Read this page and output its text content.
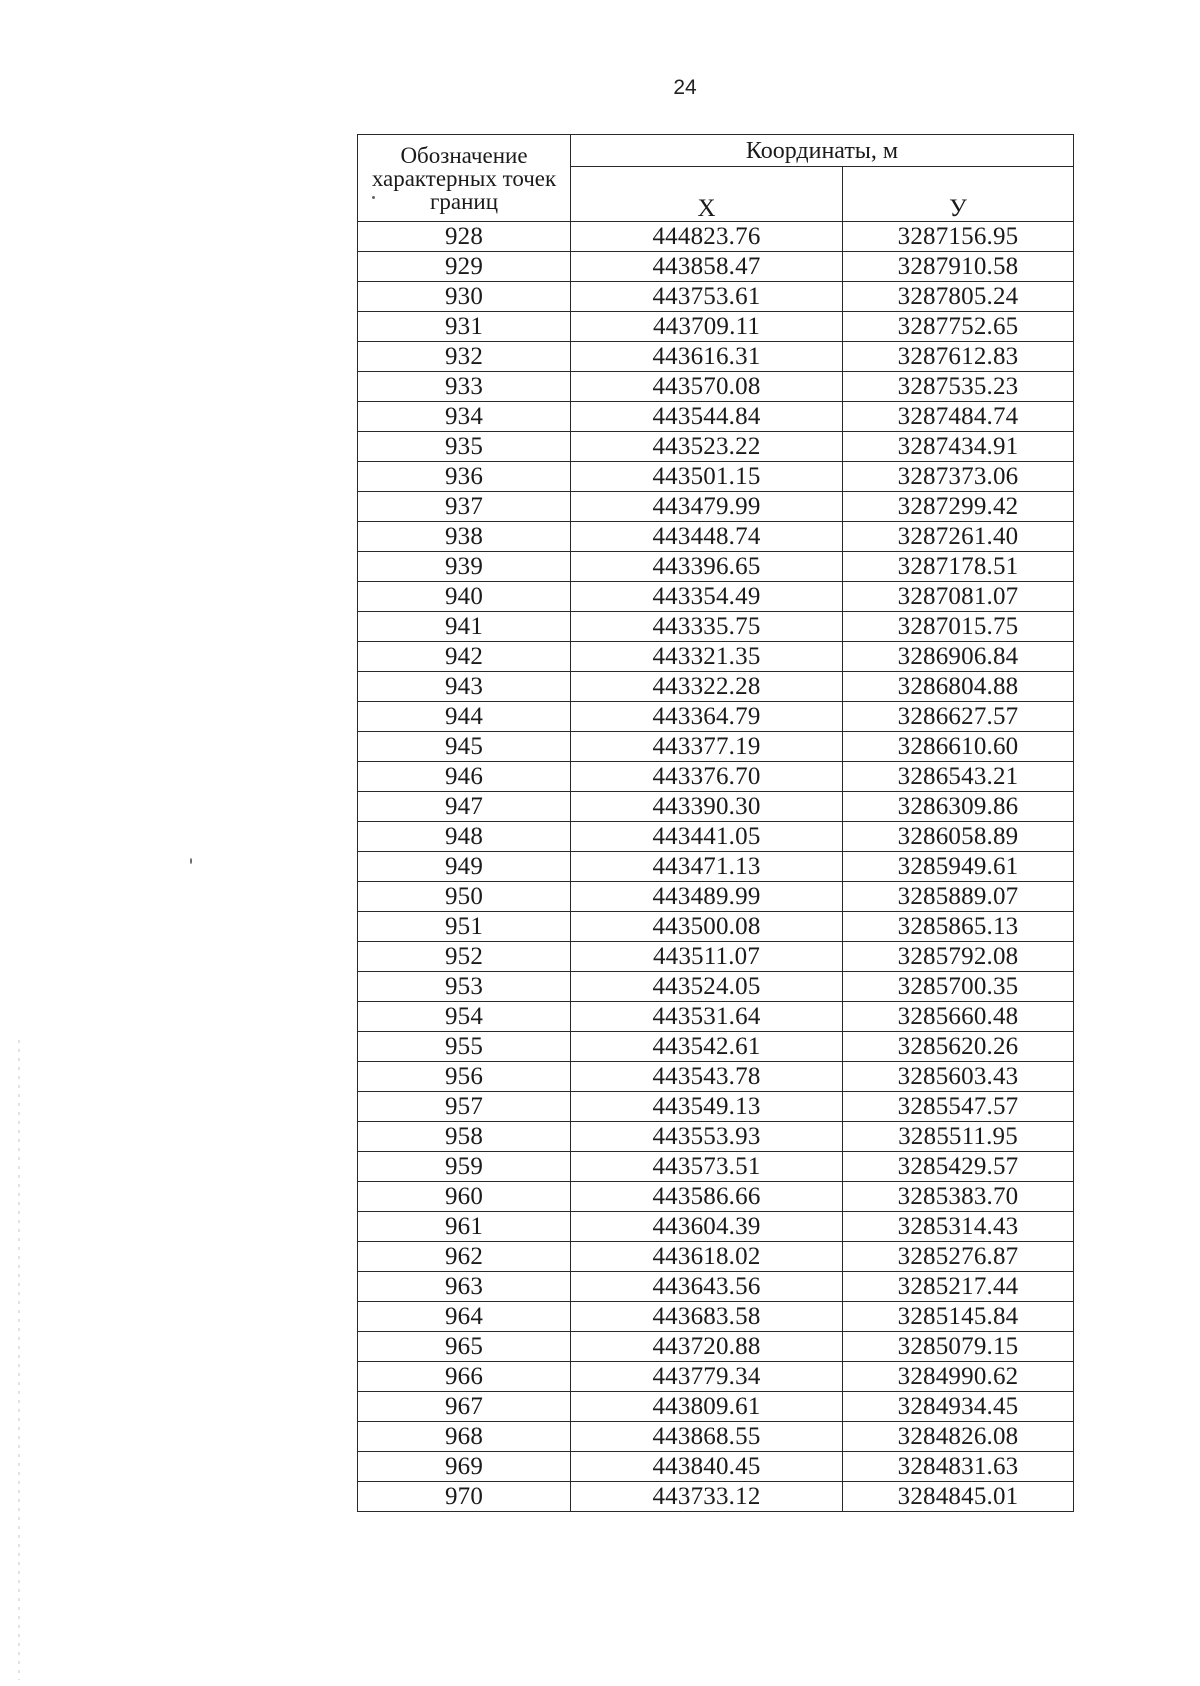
24
Обозначение характерных точек границ	Координаты, м	
	X	У
928	444823.76	3287156.95
929	443858.47	3287910.58
930	443753.61	3287805.24
931	443709.11	3287752.65
932	443616.31	3287612.83
933	443570.08	3287535.23
934	443544.84	3287484.74
935	443523.22	3287434.91
936	443501.15	3287373.06
937	443479.99	3287299.42
938	443448.74	3287261.40
939	443396.65	3287178.51
940	443354.49	3287081.07
941	443335.75	3287015.75
942	443321.35	3286906.84
943	443322.28	3286804.88
944	443364.79	3286627.57
945	443377.19	3286610.60
946	443376.70	3286543.21
947	443390.30	3286309.86
948	443441.05	3286058.89
949	443471.13	3285949.61
950	443489.99	3285889.07
951	443500.08	3285865.13
952	443511.07	3285792.08
953	443524.05	3285700.35
954	443531.64	3285660.48
955	443542.61	3285620.26
956	443543.78	3285603.43
957	443549.13	3285547.57
958	443553.93	3285511.95
959	443573.51	3285429.57
960	443586.66	3285383.70
961	443604.39	3285314.43
962	443618.02	3285276.87
963	443643.56	3285217.44
964	443683.58	3285145.84
965	443720.88	3285079.15
966	443779.34	3284990.62
967	443809.61	3284934.45
968	443868.55	3284826.08
969	443840.45	3284831.63
970	443733.12	3284845.01
